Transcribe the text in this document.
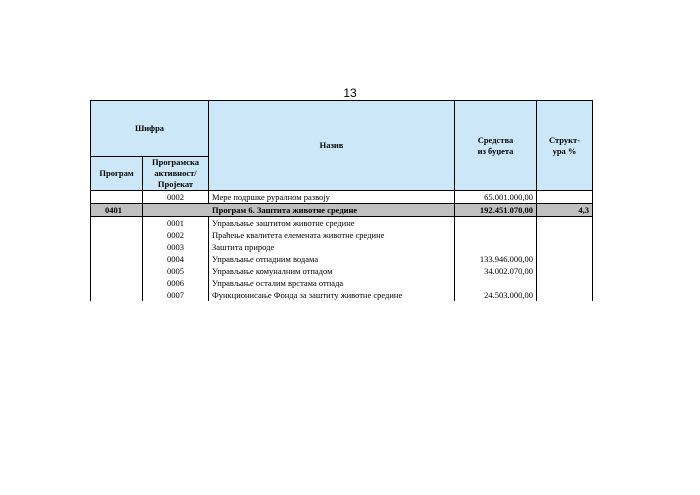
13
Шифра		Назив	Средства
из буџета	Структ-
ура %
Програм	Програмска
активност/
Пројекат			
	0002	Мере подршке руралном развоју	65.001.000,00	
0401		Програм 6. Заштита животне средине	192.451.070,00	4,3
	0001	Управљање заштитом животне средине		
	0002	Праћење квалитета елемената животне средине		
	0003	Заштита природе		
	0004	Управљање отпадним водама	133.946.000,00	
	0005	Управљање комуналним отпадом	34.002.070,00	
	0006	Управљање осталим врстама отпада		
	0007	Функционисање Фонда за заштиту животне средине	24.503.000,00	
